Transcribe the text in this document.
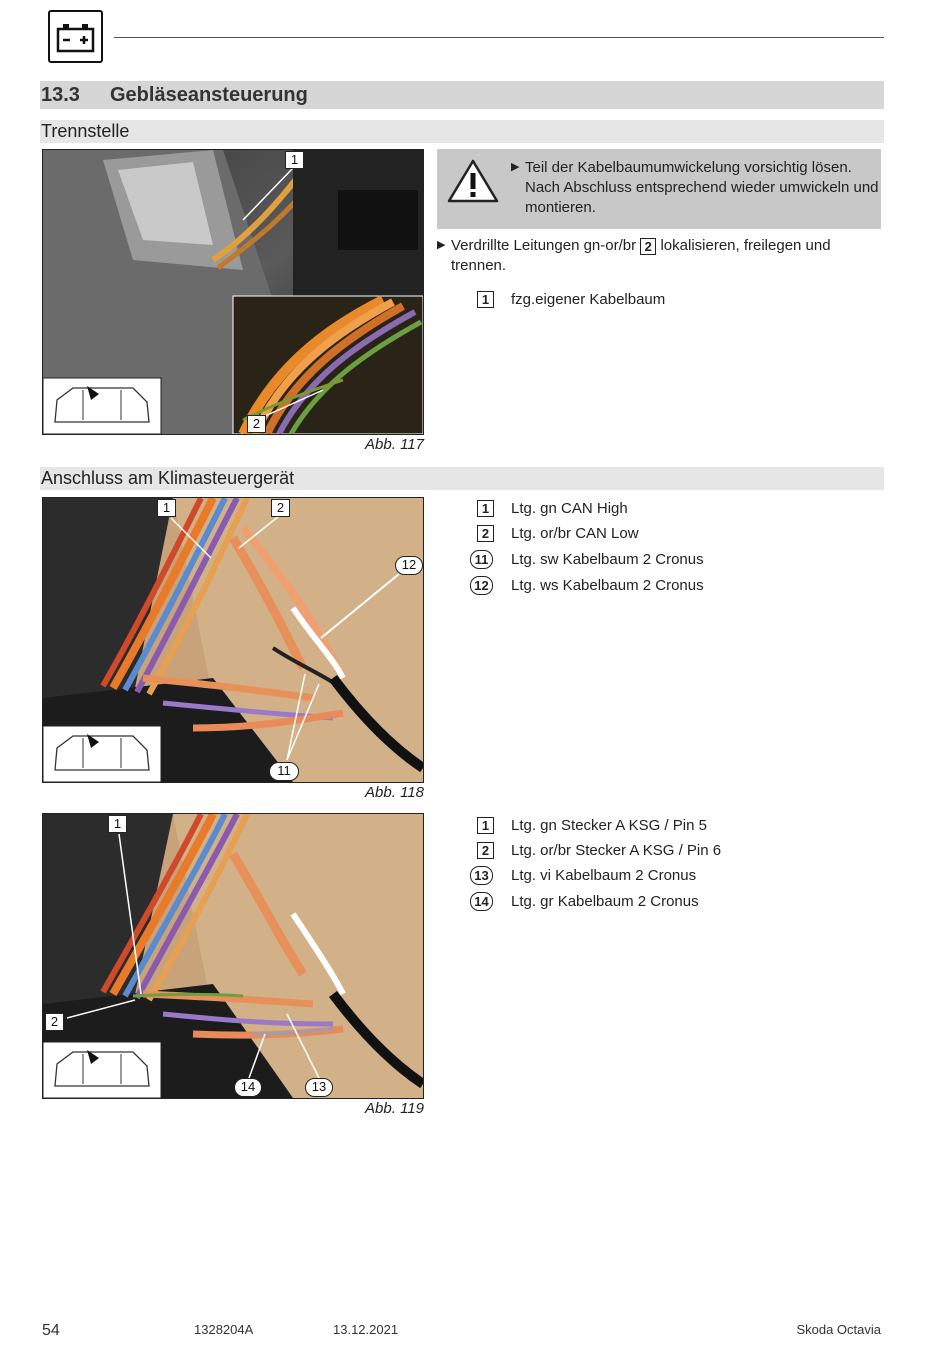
13.3 Gebläseansteuerung
Trennstelle
1
2
Abb. 117
▶ Teil der Kabelbaumumwickelung vorsichtig lösen. Nach Abschluss entsprechend wieder umwickeln und montieren.
▶ Verdrillte Leitungen gn-or/br 2 lokalisieren, freilegen und trennen.
1	fzg.eigener Kabelbaum
Anschluss am Klimasteuergerät
1	2
12
11
Abb. 118
1	Ltg. gn CAN High
2	Ltg. or/br CAN Low
11	Ltg. sw Kabelbaum 2 Cronus
12 Ltg. ws Kabelbaum 2 Cronus
1
2
14	13
Abb. 119
1	Ltg. gn Stecker A KSG / Pin 5
2	Ltg. or/br Stecker A KSG / Pin 6
13 Ltg. vi Kabelbaum 2 Cronus
14 Ltg. gr Kabelbaum 2 Cronus
54	1328204A	13.12.2021	Skoda Octavia
